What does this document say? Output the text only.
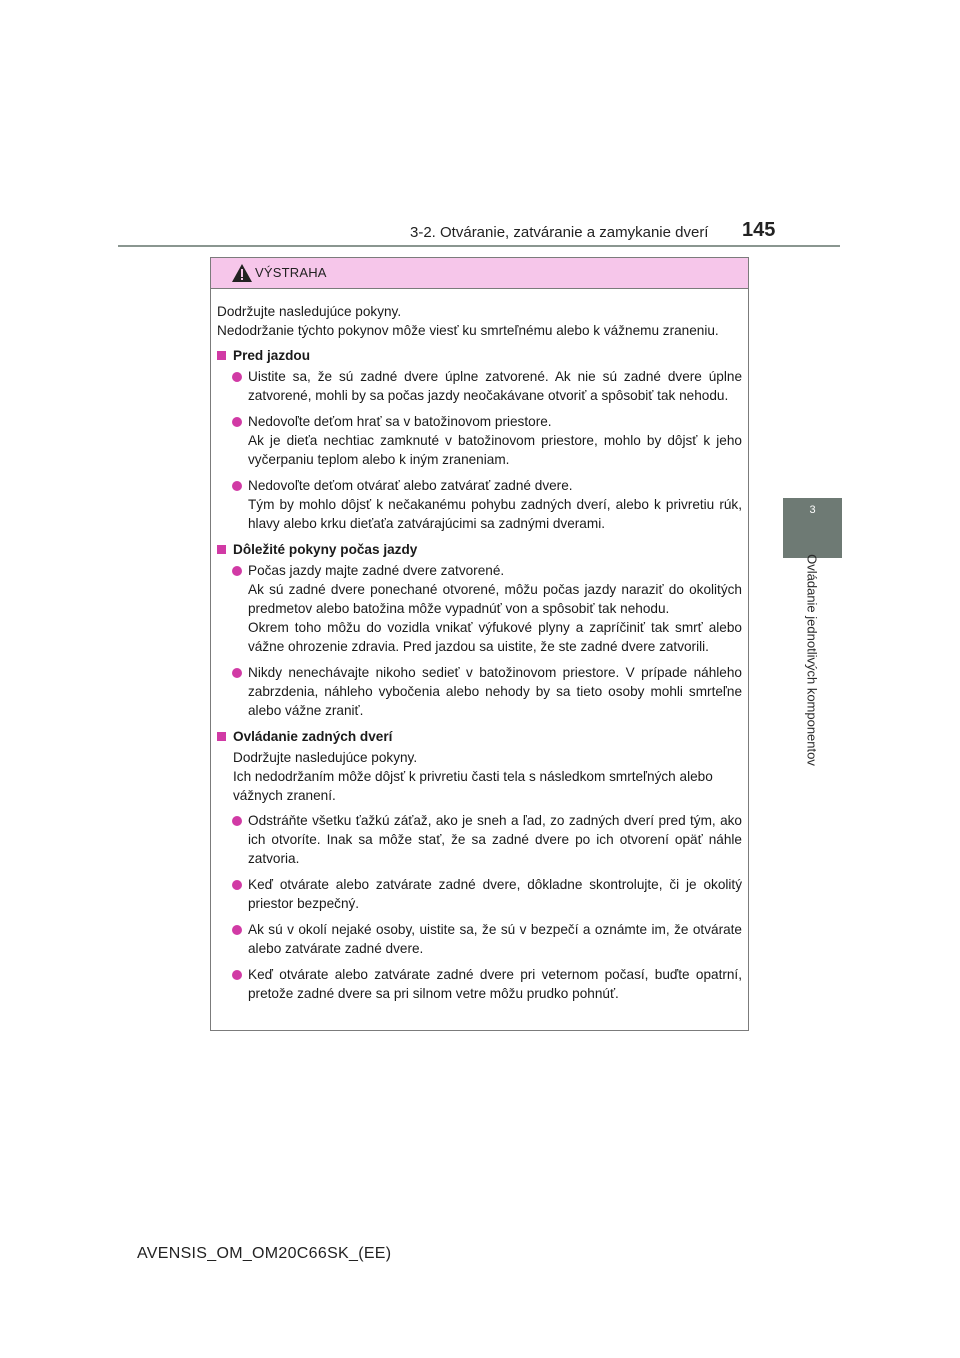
3-2. Otváranie, zatváranie a zamykanie dverí 145
3
Ovládanie jednotlivých komponentov
VÝSTRAHA

Dodržujte nasledujúce pokyny.

Nedodržanie týchto pokynov môže viesť ku smrteľnému alebo k vážnemu zraneniu.

Pred jazdou

Uistite sa, že sú zadné dvere úplne zatvorené. Ak nie sú zadné dvere úplne zatvorené, mohli by sa počas jazdy neočakávane otvoriť a spôsobiť tak nehodu.

Nedovoľte deťom hrať sa v batožinovom priestore.

Ak je dieťa nechtiac zamknuté v batožinovom priestore, mohlo by dôjsť k jeho vyčerpaniu teplom alebo k iným zraneniam.

Nedovoľte deťom otvárať alebo zatvárať zadné dvere.

Tým by mohlo dôjsť k nečakanému pohybu zadných dverí, alebo k privretiu rúk, hlavy alebo krku dieťaťa zatvárajúcimi sa zadnými dverami.

Dôležité pokyny počas jazdy

Počas jazdy majte zadné dvere zatvorené.

Ak sú zadné dvere ponechané otvorené, môžu počas jazdy naraziť do okolitých predmetov alebo batožina môže vypadnúť von a spôsobiť tak nehodu.

Okrem toho môžu do vozidla vnikať výfukové plyny a zapríčiniť tak smrť alebo vážne ohrozenie zdravia. Pred jazdou sa uistite, že ste zadné dvere zatvorili.

Nikdy nenechávajte nikoho sedieť v batožinovom priestore. V prípade náhleho zabrzdenia, náhleho vybočenia alebo nehody by sa tieto osoby mohli smrteľne alebo vážne zraniť.

Ovládanie zadných dverí

Dodržujte nasledujúce pokyny.

Ich nedodržaním môže dôjsť k privretiu časti tela s následkom smrteľných alebo vážnych zranení.

Odstráňte všetku ťažkú záťaž, ako je sneh a ľad, zo zadných dverí pred tým, ako ich otvoríte. Inak sa môže stať, že sa zadné dvere po ich otvorení opäť náhle zatvoria.

Keď otvárate alebo zatvárate zadné dvere, dôkladne skontrolujte, či je okolitý priestor bezpečný.

Ak sú v okolí nejaké osoby, uistite sa, že sú v bezpečí a oznámte im, že otvárate alebo zatvárate zadné dvere.

Keď otvárate alebo zatvárate zadné dvere pri veternom počasí, buďte opatrní, pretože zadné dvere sa pri silnom vetre môžu prudko pohnúť.

AVENSIS_OM_OM20C66SK_(EE)
